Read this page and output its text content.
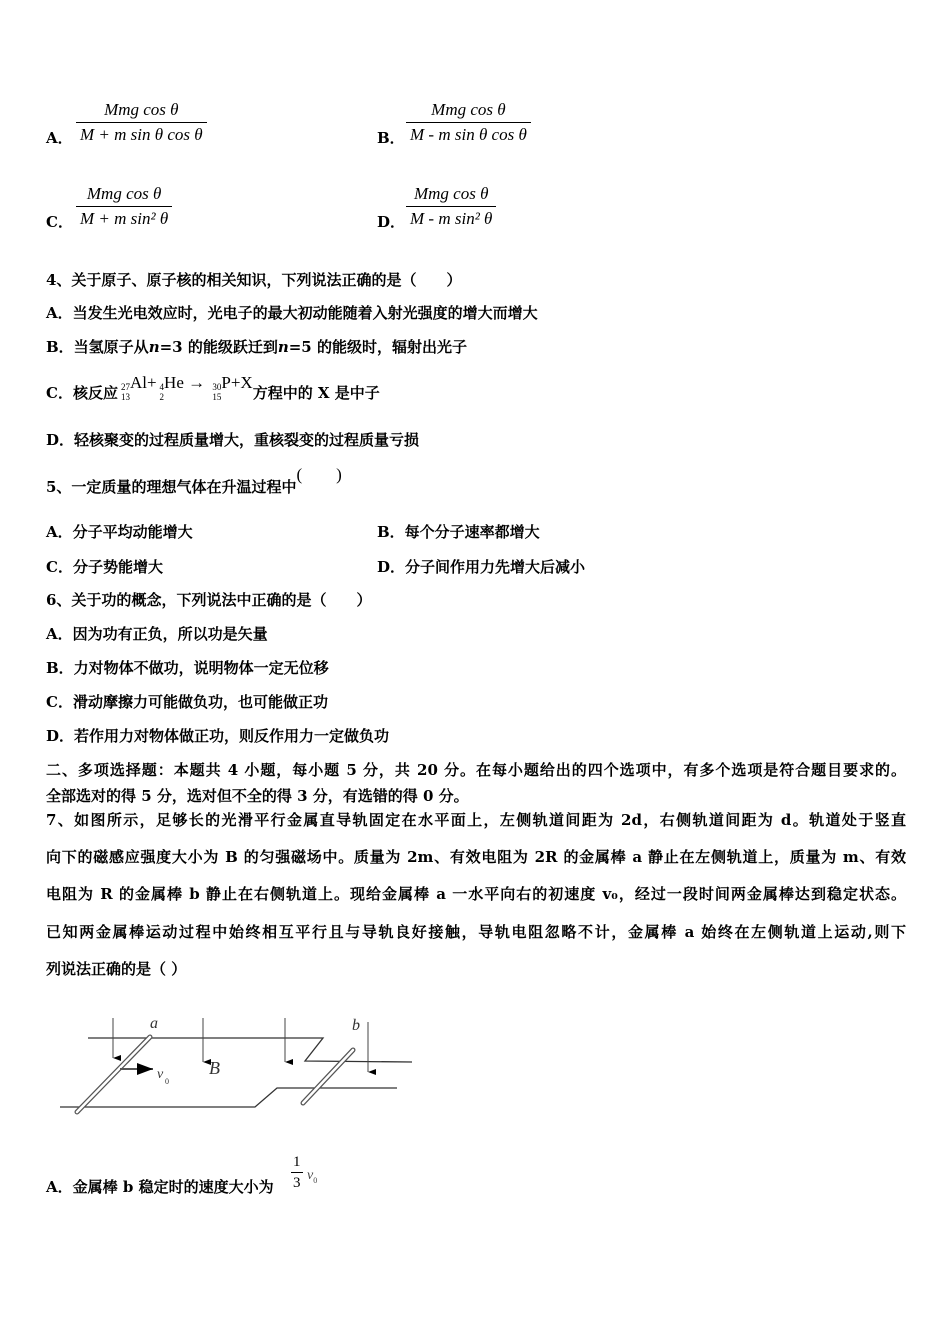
A．
Mmg cos θ
M + m sin θ cos θ	B．
Mmg cos θ
M - m sin θ cos θ
C．
Mmg cos θ
M + m sin² θ	D．
Mmg cos θ
M - m sin² θ
4、关于原子、原子核的相关知识，下列说法正确的是（　　）
A．当发生光电效应时，光电子的最大初动能随着入射光强度的增大而增大
B．当氢原子从n=3 的能级跃迁到n=5 的能级时，辐射出光子
C．核反应 27
13
Al+ 4
2
He → 30
15
P+X方程中的 X 是中子
D．轻核聚变的过程质量增大，重核裂变的过程质量亏损
5、一定质量的理想气体在升温过程中(　　)
A．分子平均动能增大	B．每个分子速率都增大
C．分子势能增大	D．分子间作用力先增大后减小
6、关于功的概念，下列说法中正确的是（　　）
A．因为功有正负，所以功是矢量
B．力对物体不做功，说明物体一定无位移
C．滑动摩擦力可能做负功，也可能做正功
D．若作用力对物体做正功，则反作用力一定做负功
二、多项选择题：本题共 4 小题，每小题 5 分，共 20 分。在每小题给出的四个选项中，有多个选项是符合题目要求的。
全部选对的得 5 分，选对但不全的得 3 分，有选错的得 0 分。
7、如图所示，足够长的光滑平行金属直导轨固定在水平面上，左侧轨道间距为 2d，右侧轨道间距为 d。轨道处于竖直
向下的磁感应强度大小为 B 的匀强磁场中。质量为 2m、有效电阻为 2R 的金属棒 a 静止在左侧轨道上，质量为 m、有效
电阻为 R 的金属棒 b 静止在右侧轨道上。现给金属棒 a 一水平向右的初速度 v₀，经过一段时间两金属棒达到稳定状态。
已知两金属棒运动过程中始终相互平行且与导轨良好接触，导轨电阻忽略不计，金属棒 a 始终在左侧轨道上运动,则下
列说法正确的是（ ）
a	b
B
v 0
A．金属棒 b 稳定时的速度大小为 $\frac{1}{3} v_0$
